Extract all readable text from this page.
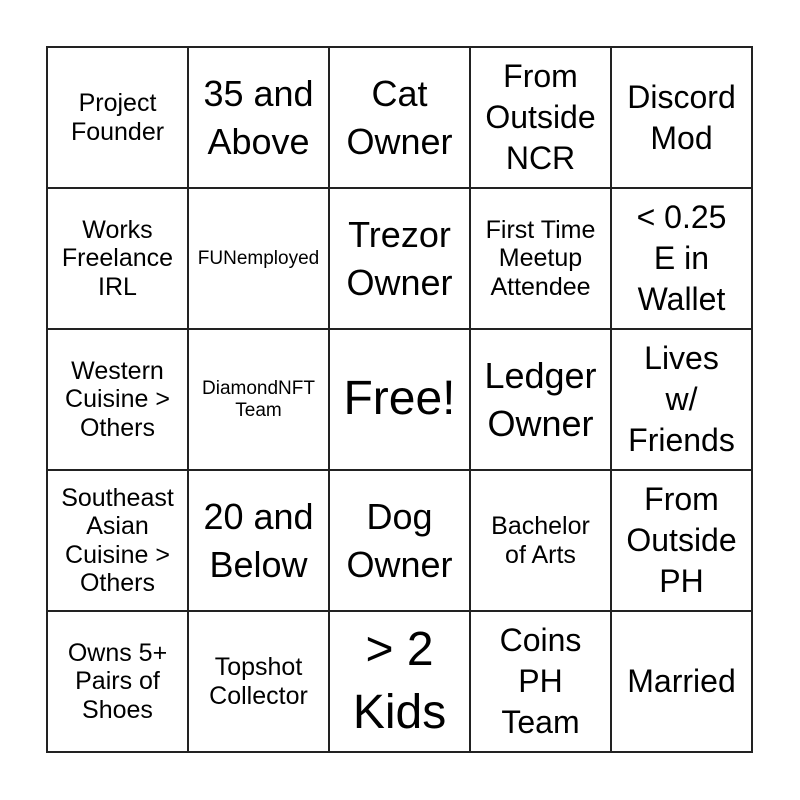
Project
Founder
35 and
Above
Cat
Owner
From
Outside
NCR
Discord
Mod
Works
Freelance
IRL
FUNemployed
Trezor
Owner
First Time
Meetup
Attendee
< 0.25
E in
Wallet
Western
Cuisine >
Others
DiamondNFT
Team	Free! Ledger
Owner
Lives
w/
Friends
Southeast
Asian
Cuisine >
Others
20 and
Below
Dog
Owner
Bachelor
of Arts
From
Outside
PH
Owns 5+
Pairs of
Shoes
Topshot
Collector
> 2
Kids
Coins
PH
Team
Married
